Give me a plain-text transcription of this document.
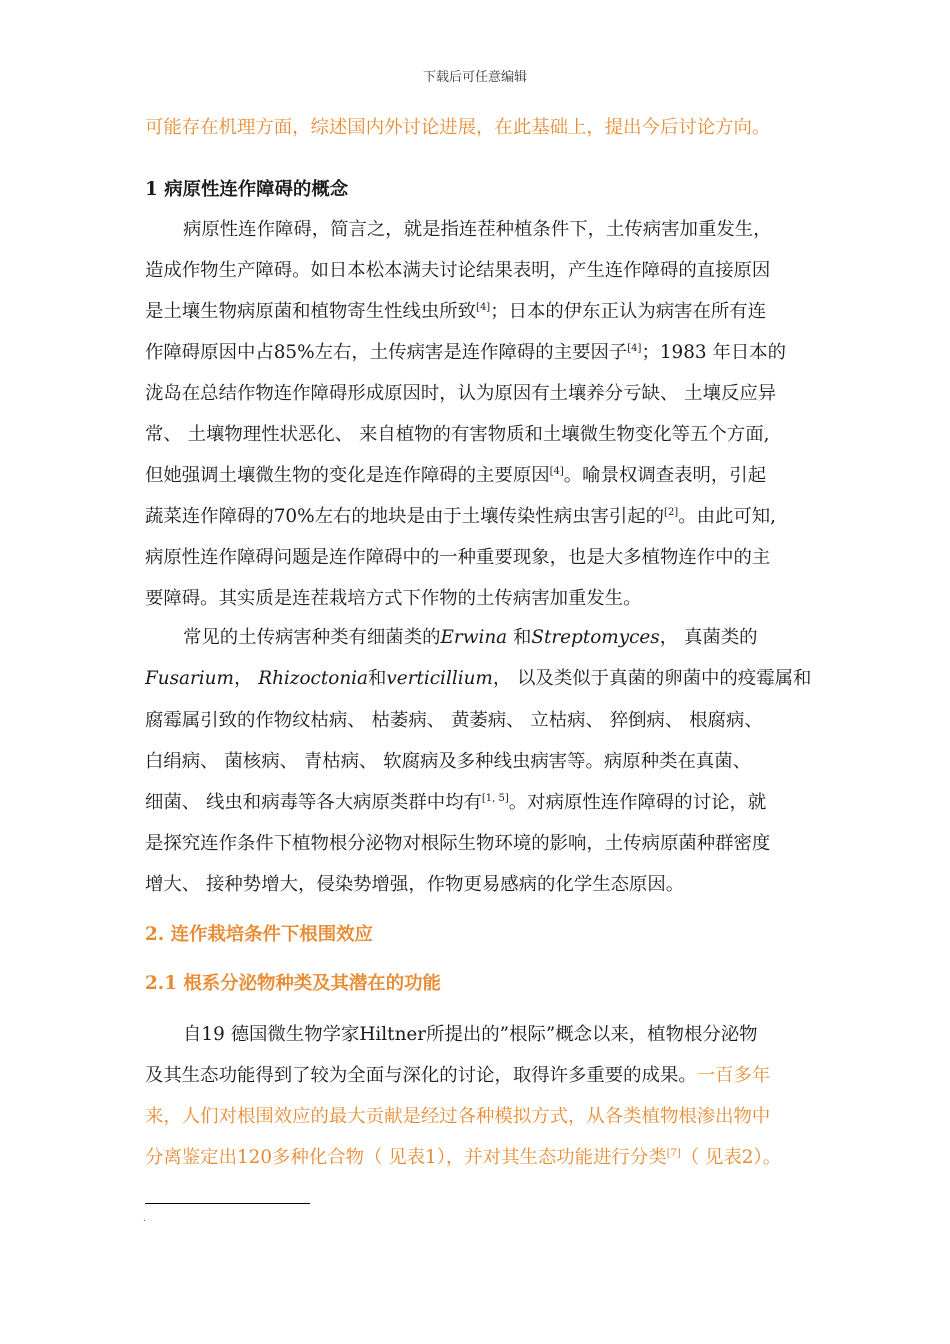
下载后可任意编辑
可能存在机理方面，综述国内外讨论进展，在此基础上，提出今后讨论方向。
1 病原性连作障碍的概念
病原性连作障碍，简言之，就是指连茬种植条件下，土传病害加重发生，
造成作物生产障碍。如日本松本满夫讨论结果表明，产生连作障碍的直接原因
是土壤生物病原菌和植物寄生性线虫所致[4]；日本的伊东正认为病害在所有连
作障碍原因中占85%左右，土传病害是连作障碍的主要因子[4]；1983 年日本的
泷岛在总结作物连作障碍形成原因时，认为原因有土壤养分亏缺、 土壤反应异
常、 土壤物理性状恶化、 来自植物的有害物质和土壤微生物变化等五个方面,
但她强调土壤微生物的变化是连作障碍的主要原因[4]。喻景权调查表明，引起
蔬菜连作障碍的70%左右的地块是由于土壤传染性病虫害引起的[2]。由此可知,
病原性连作障碍问题是连作障碍中的一种重要现象，也是大多植物连作中的主
要障碍。其实质是连茬栽培方式下作物的土传病害加重发生。
常见的土传病害种类有细菌类的Erwina 和Streptomyces， 真菌类的
Fusarium， Rhizoctonia和verticillium， 以及类似于真菌的卵菌中的疫霉属和
腐霉属引致的作物纹枯病、 枯萎病、 黄萎病、 立枯病、 猝倒病、 根腐病、
白绢病、 菌核病、 青枯病、 软腐病及多种线虫病害等。病原种类在真菌、
细菌、 线虫和病毒等各大病原类群中均有[1, 5]。对病原性连作障碍的讨论，就
是探究连作条件下植物根分泌物对根际生物环境的影响，土传病原菌种群密度
增大、 接种势增大，侵染势增强，作物更易感病的化学生态原因。
2. 连作栽培条件下根围效应
2.1 根系分泌物种类及其潜在的功能
自19 德国微生物学家Hiltner所提出的”根际”概念以来，植物根分泌物
及其生态功能得到了较为全面与深化的讨论，取得许多重要的成果。一百多年
来，人们对根围效应的最大贡献是经过各种模拟方式，从各类植物根渗出物中
分离鉴定出120多种化合物（ 见表1），并对其生态功能进行分类[7]（ 见表2）。
.
